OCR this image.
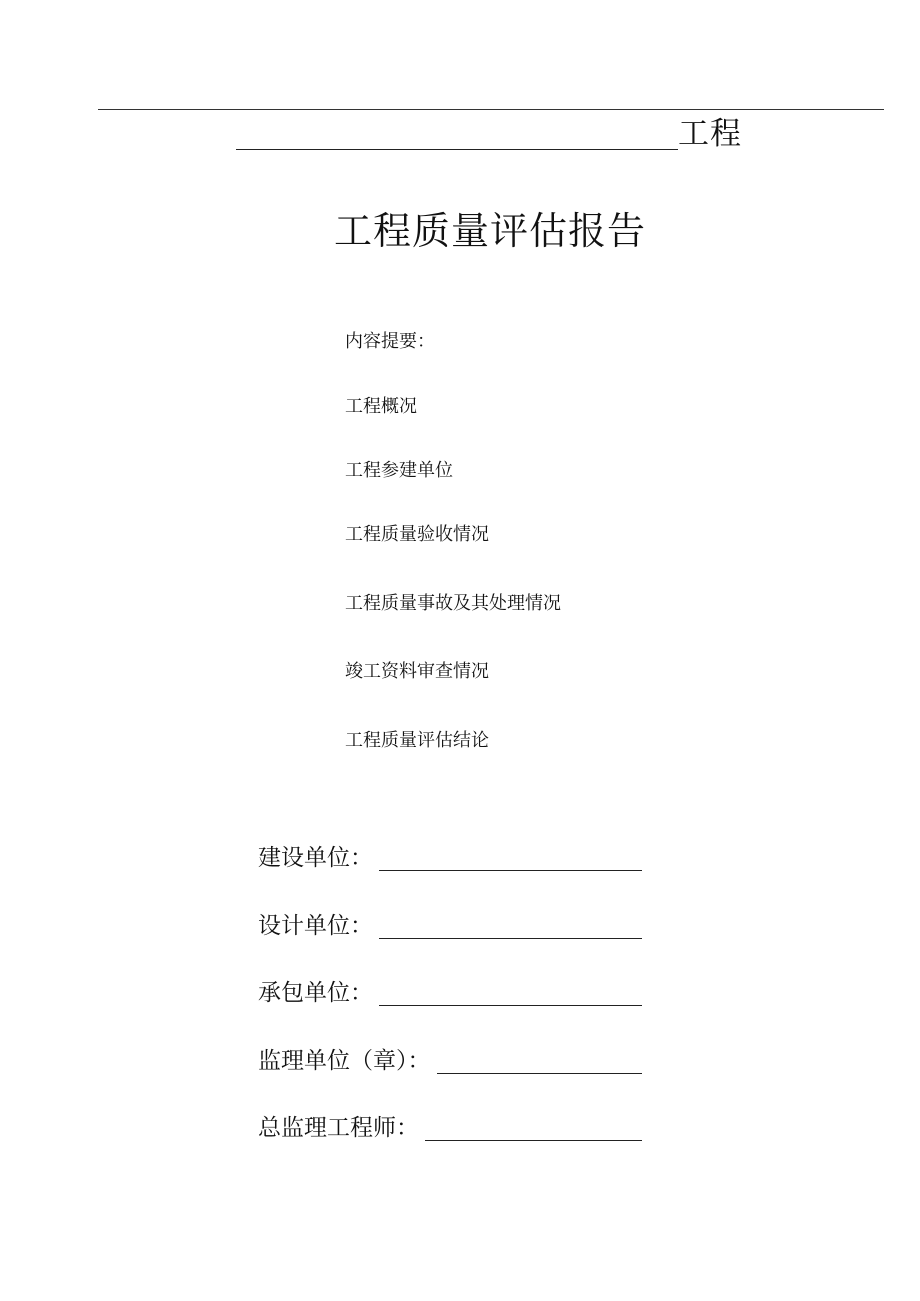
工程
工程质量评估报告
内容提要：
工程概况
工程参建单位
工程质量验收情况
工程质量事故及其处理情况
竣工资料审查情况
工程质量评估结论
建设单位：
设计单位：
承包单位：
监理单位（章）：
总监理工程师：
